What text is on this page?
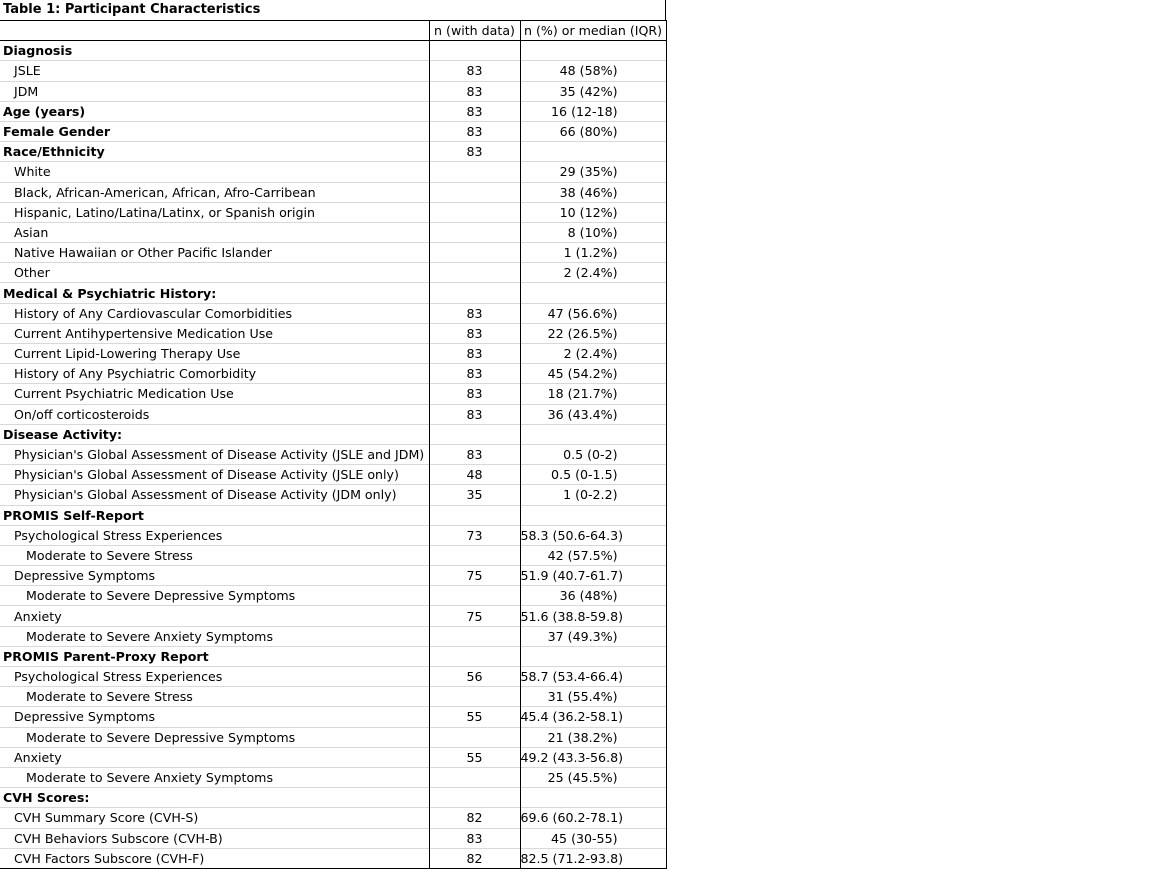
Table 1: Participant Characteristics
	n (with data)	n (%) or median (IQR)
Diagnosis		
JSLE	83	48 (58%)
JDM	83	35 (42%)
Age (years)	83	16 (12-18)
Female Gender	83	66 (80%)
Race/Ethnicity	83	
White		29 (35%)
Black, African-American, African, Afro-Carribean		38 (46%)
Hispanic, Latino/Latina/Latinx, or Spanish origin		10 (12%)
Asian		8 (10%)
Native Hawaiian or Other Pacific Islander		1 (1.2%)
Other		2 (2.4%)
Medical & Psychiatric History:		
History of Any Cardiovascular Comorbidities	83	47 (56.6%)
Current Antihypertensive Medication Use	83	22 (26.5%)
Current Lipid-Lowering Therapy Use	83	2 (2.4%)
History of Any Psychiatric Comorbidity	83	45 (54.2%)
Current Psychiatric Medication Use	83	18 (21.7%)
On/off corticosteroids	83	36 (43.4%)
Disease Activity:		
Physician's Global Assessment of Disease Activity (JSLE and JDM)	83	0.5 (0-2)
Physician's Global Assessment of Disease Activity (JSLE only)	48	0.5 (0-1.5)
Physician's Global Assessment of Disease Activity (JDM only)	35	1 (0-2.2)
PROMIS Self-Report		
Psychological Stress Experiences	73	58.3 (50.6-64.3)
Moderate to Severe Stress		42 (57.5%)
Depressive Symptoms	75	51.9 (40.7-61.7)
Moderate to Severe Depressive Symptoms		36 (48%)
Anxiety	75	51.6 (38.8-59.8)
Moderate to Severe Anxiety Symptoms		37 (49.3%)
PROMIS Parent-Proxy Report		
Psychological Stress Experiences	56	58.7 (53.4-66.4)
Moderate to Severe Stress		31 (55.4%)
Depressive Symptoms	55	45.4 (36.2-58.1)
Moderate to Severe Depressive Symptoms		21 (38.2%)
Anxiety	55	49.2 (43.3-56.8)
Moderate to Severe Anxiety Symptoms		25 (45.5%)
CVH Scores:		
CVH Summary Score (CVH-S)	82	69.6 (60.2-78.1)
CVH Behaviors Subscore (CVH-B)	83	45 (30-55)
CVH Factors Subscore (CVH-F)	82	82.5 (71.2-93.8)
